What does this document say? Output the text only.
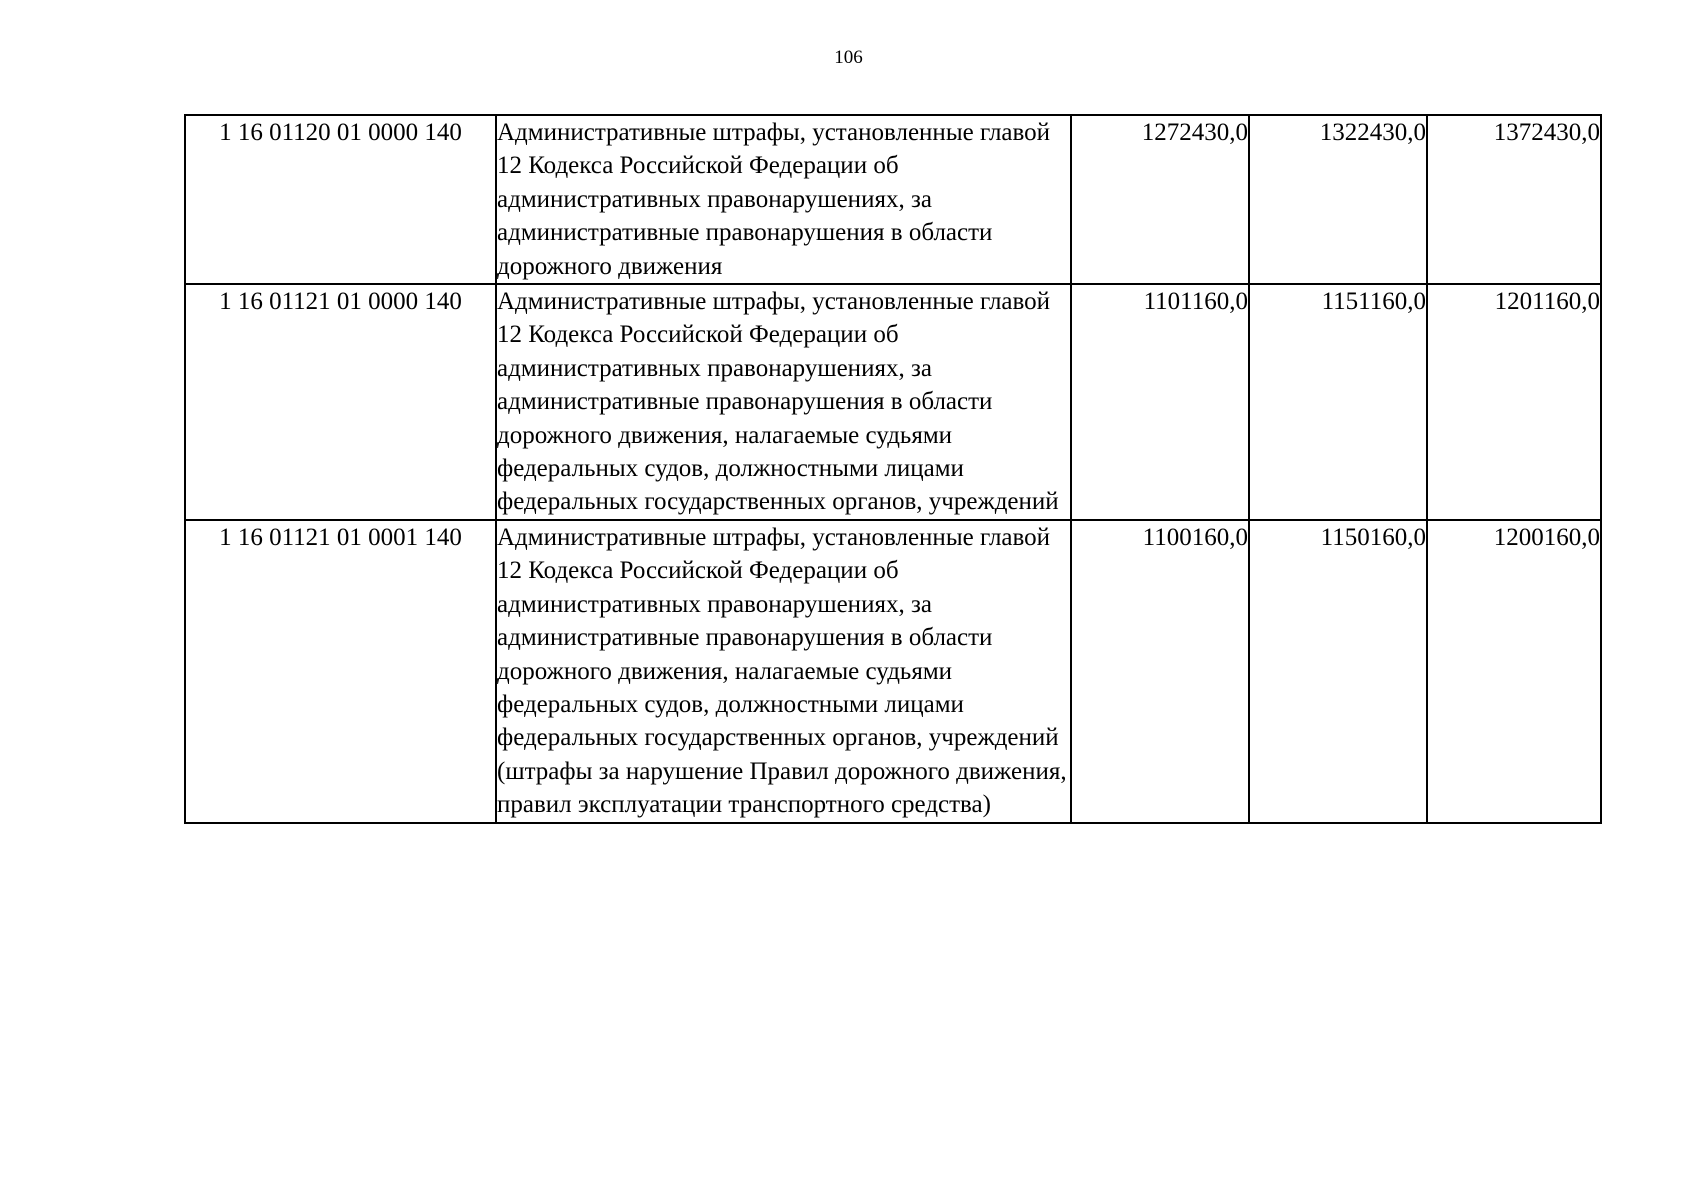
106
1 16 01120 01 0000 140	Административные штрафы, установленные главой 12 Кодекса Российской Федерации об административных правонарушениях, за административные правонарушения в области дорожного движения	1272430,0	1322430,0	1372430,0
1 16 01121 01 0000 140	Административные штрафы, установленные главой 12 Кодекса Российской Федерации об административных правонарушениях, за административные правонарушения в области дорожного движения, налагаемые судьями федеральных судов, должностными лицами федеральных государственных органов, учреждений	1101160,0	1151160,0	1201160,0
1 16 01121 01 0001 140	Административные штрафы, установленные главой 12 Кодекса Российской Федерации об административных правонарушениях, за административные правонарушения в области дорожного движения, налагаемые судьями федеральных судов, должностными лицами федеральных государственных органов, учреждений (штрафы за нарушение Правил дорожного движения, правил эксплуатации транспортного средства)	1100160,0	1150160,0	1200160,0
